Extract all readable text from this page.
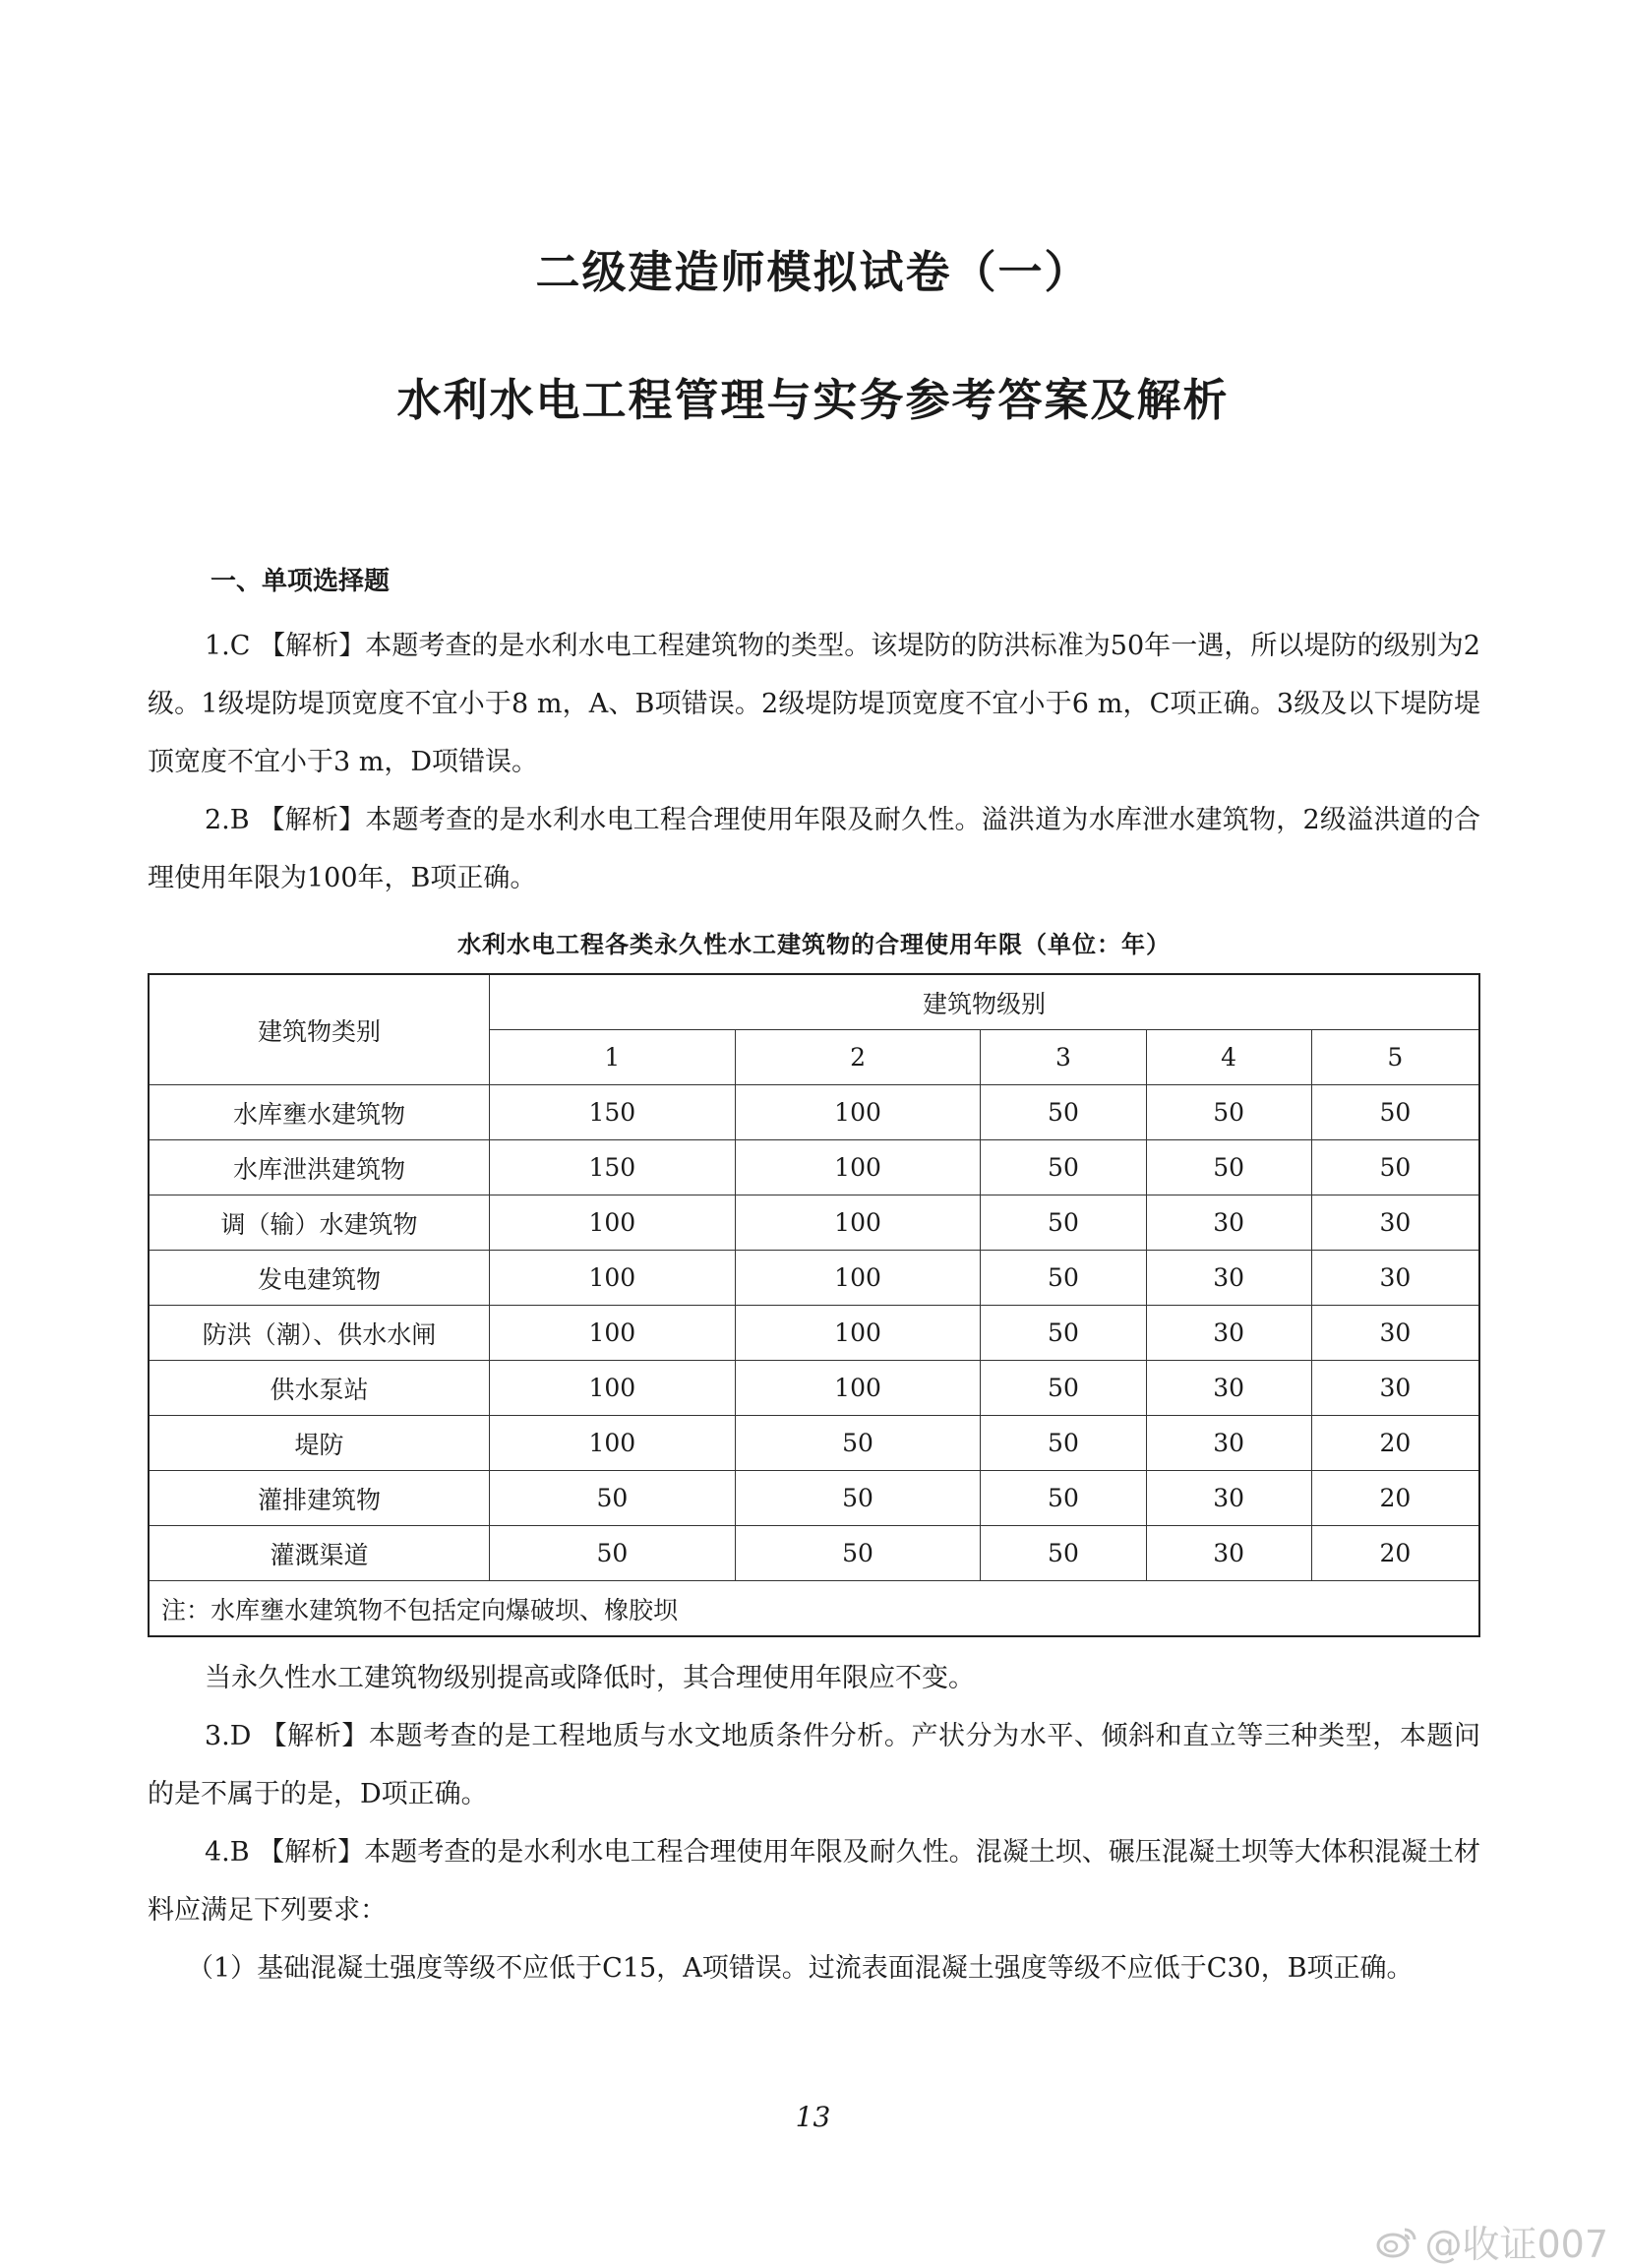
二级建造师模拟试卷（一）
水利水电工程管理与实务参考答案及解析
一、单项选择题

1.C 【解析】本题考查的是水利水电工程建筑物的类型。该堤防的防洪标准为50年一遇，所以堤防的级别为2级。1级堤防堤顶宽度不宜小于8 m，A、B项错误。2级堤防堤顶宽度不宜小于6 m，C项正确。3级及以下堤防堤顶宽度不宜小于3 m，D项错误。

2.B 【解析】本题考查的是水利水电工程合理使用年限及耐久性。溢洪道为水库泄水建筑物，2级溢洪道的合理使用年限为100年，B项正确。

水利水电工程各类永久性水工建筑物的合理使用年限（单位：年）
建筑物类别	建筑物级别				
	1	2	3	4	5
水库壅水建筑物	150	100	50	50	50
水库泄洪建筑物	150	100	50	50	50
调（输）水建筑物	100	100	50	30	30
发电建筑物	100	100	50	30	30
防洪（潮）、供水水闸	100	100	50	30	30
供水泵站	100	100	50	30	30
堤防	100	50	50	30	20
灌排建筑物	50	50	50	30	20
灌溉渠道	50	50	50	30	20
注：水库壅水建筑物不包括定向爆破坝、橡胶坝					

当永久性水工建筑物级别提高或降低时，其合理使用年限应不变。

3.D 【解析】本题考查的是工程地质与水文地质条件分析。产状分为水平、倾斜和直立等三种类型，本题问的是不属于的是，D项正确。

4.B 【解析】本题考查的是水利水电工程合理使用年限及耐久性。混凝土坝、碾压混凝土坝等大体积混凝土材料应满足下列要求：

（1）基础混凝土强度等级不应低于C15，A项错误。过流表面混凝土强度等级不应低于C30，B项正确。

13
@收证007
